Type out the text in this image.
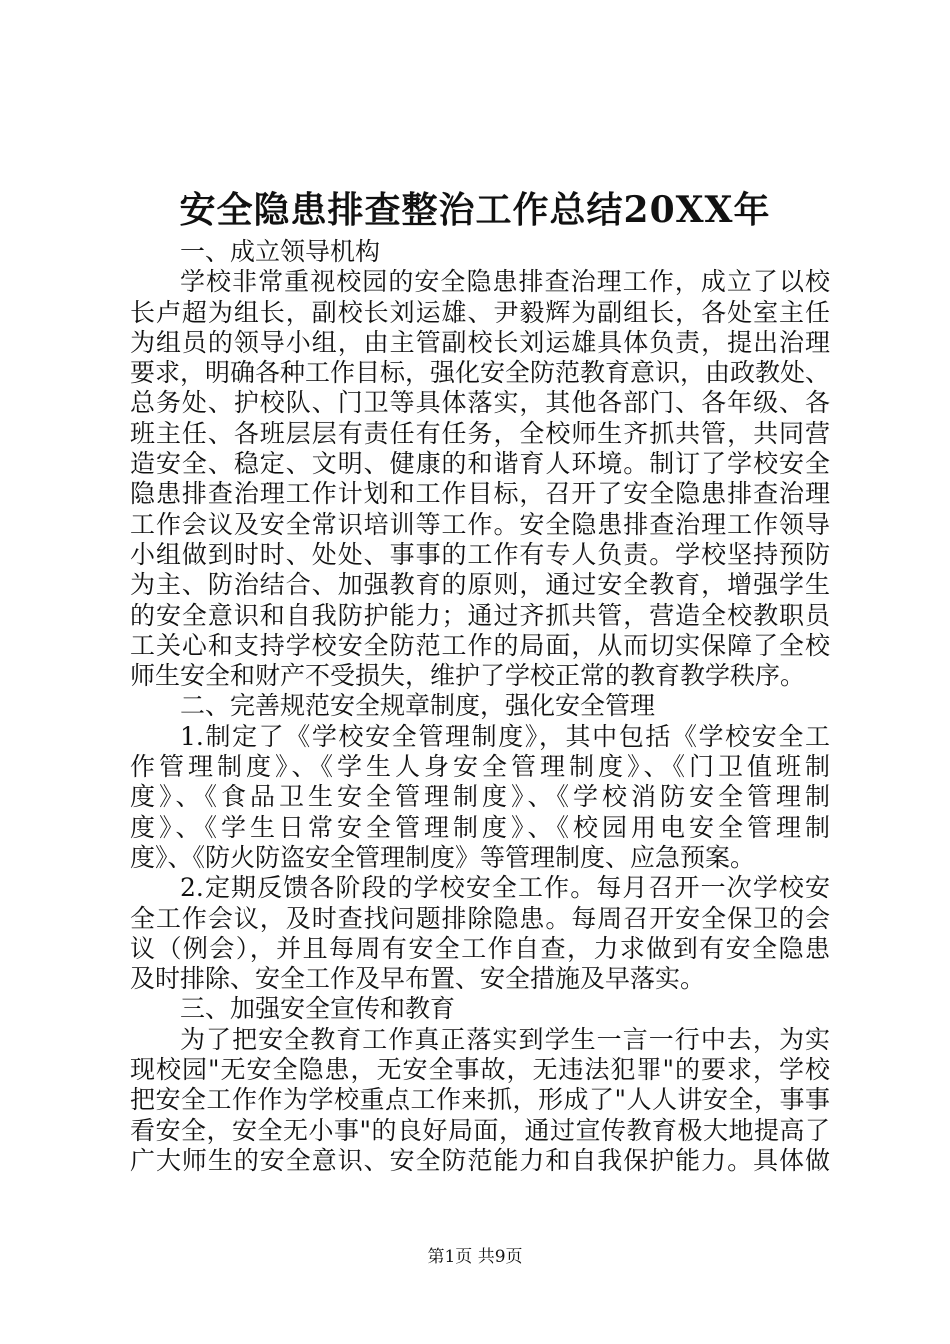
安全隐患排查整治工作总结20XX年
一、成立领导机构
学校非常重视校园的安全隐患排查治理工作，成立了以校
长卢超为组长，副校长刘运雄、尹毅辉为副组长，各处室主任
为组员的领导小组，由主管副校长刘运雄具体负责，提出治理
要求，明确各种工作目标，强化安全防范教育意识，由政教处、
总务处、护校队、门卫等具体落实，其他各部门、各年级、各
班主任、各班层层有责任有任务，全校师生齐抓共管，共同营
造安全、稳定、文明、健康的和谐育人环境。制订了学校安全
隐患排查治理工作计划和工作目标，召开了安全隐患排查治理
工作会议及安全常识培训等工作。安全隐患排查治理工作领导
小组做到时时、处处、事事的工作有专人负责。学校坚持预防
为主、防治结合、加强教育的原则，通过安全教育，增强学生
的安全意识和自我防护能力；通过齐抓共管，营造全校教职员
工关心和支持学校安全防范工作的局面，从而切实保障了全校
师生安全和财产不受损失，维护了学校正常的教育教学秩序。
二、完善规范安全规章制度，强化安全管理
1.制定了《学校安全管理制度》，其中包括《学校安全工
作管理制度》、《学生人身安全管理制度》、《门卫值班制
度》、《食品卫生安全管理制度》、《学校消防安全管理制
度》、《学生日常安全管理制度》、《校园用电安全管理制
度》、《防火防盗安全管理制度》等管理制度、应急预案。
2.定期反馈各阶段的学校安全工作。每月召开一次学校安
全工作会议，及时查找问题排除隐患。每周召开安全保卫的会
议（例会），并且每周有安全工作自查，力求做到有安全隐患
及时排除、安全工作及早布置、安全措施及早落实。
三、加强安全宣传和教育
为了把安全教育工作真正落实到学生一言一行中去，为实
现校园"无安全隐患，无安全事故，无违法犯罪"的要求，学校
把安全工作作为学校重点工作来抓，形成了"人人讲安全，事事
看安全，安全无小事"的良好局面，通过宣传教育极大地提高了
广大师生的安全意识、安全防范能力和自我保护能力。具体做
第1页 共9页
